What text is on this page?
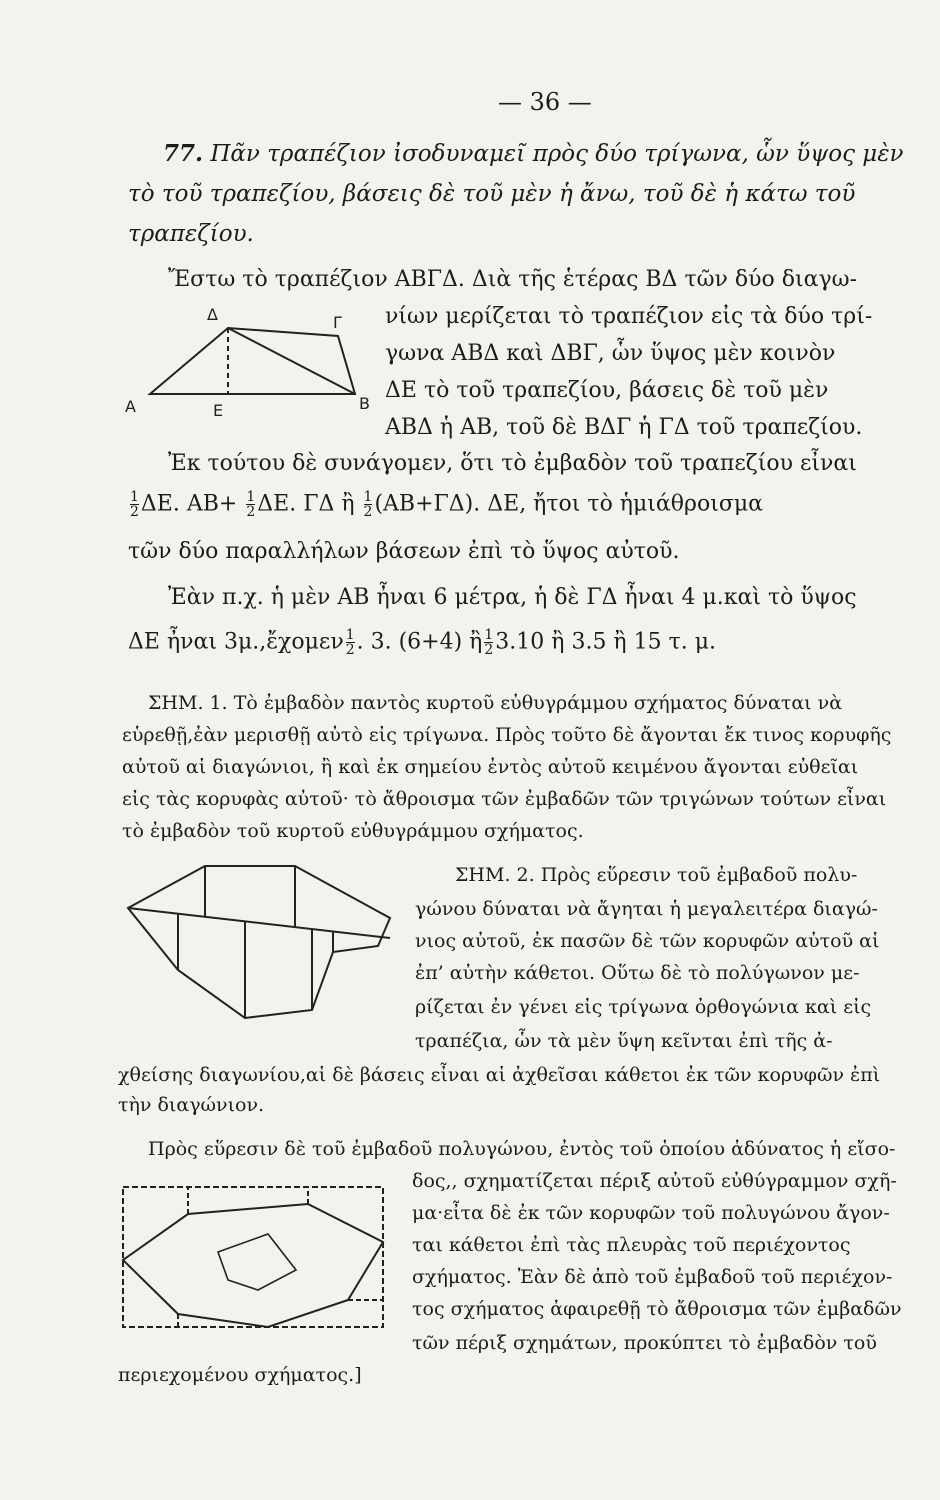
— 36 —
77. Πᾶν τραπέζιον ἰσοδυναμεῖ πρὸς δύο τρίγωνα, ὧν ὕψος μὲν
τὸ τοῦ τραπεζίου, βάσεις δὲ τοῦ μὲν ἡ ἄνω, τοῦ δὲ ἡ κάτω τοῦ
τραπεζίου.
Ἔστω τὸ τραπέζιον ΑΒΓΔ. Διὰ τῆς ἑτέρας ΒΔ τῶν δύο διαγω-
νίων μερίζεται τὸ τραπέζιον εἰς τὰ δύο τρί-
γωνα ΑΒΔ καὶ ΔΒΓ, ὧν ὕψος μὲν κοινὸν
ΔΕ τὸ τοῦ τραπεζίου, βάσεις δὲ τοῦ μὲν
ΑΒΔ ἡ ΑΒ, τοῦ δὲ ΒΔΓ ἡ ΓΔ τοῦ τραπεζίου.
Δ	Γ
Α	Ε	Β
Ἐκ τούτου δὲ συνάγομεν, ὅτι τὸ ἐμβαδὸν τοῦ τραπεζίου εἶναι
$\frac{1}{2} \Delta E$. $AB+ \frac{1}{2} \Delta E$. ΓΔ ἢ $\frac{1}{2} (AB+\Gamma\Delta)$. ΔΕ, ἤτοι τὸ ἡμιάθροισμα
τῶν δύο παραλλήλων βάσεων ἐπὶ τὸ ὕψος αὐτοῦ.
Ἐὰν π.χ. ἡ μὲν ΑΒ ἦναι 6 μέτρα, ἡ δὲ ΓΔ ἦναι 4 μ.καὶ τὸ ὕψος
ΔΕ ἦναι 3μ.,ἔχομεν $\frac{1}{2}$ . 3. (6+4) ἢ $\frac{1}{2} 3.10$ ἢ 3.5 ἢ 15 τ. μ.
ΣΗΜ. 1. Τὸ ἐμβαδὸν παντὸς κυρτοῦ εὐθυγράμμου σχήματος δύναται νὰ
εὑρεθῇ,ἐὰν μερισθῇ αὐτὸ εἰς τρίγωνα. Πρὸς τοῦτο δὲ ἄγονται ἔκ τινος κορυφῆς
αὐτοῦ αἱ διαγώνιοι, ἢ καὶ ἐκ σημείου ἐντὸς αὐτοῦ κειμένου ἄγονται εὐθεῖαι
εἰς τὰς κορυφὰς αὐτοῦ· τὸ ἄθροισμα τῶν ἐμβαδῶν τῶν τριγώνων τούτων εἶναι
τὸ ἐμβαδὸν τοῦ κυρτοῦ εὐθυγράμμου σχήματος.
ΣΗΜ. 2. Πρὸς εὕρεσιν τοῦ ἐμβαδοῦ πολυ-
γώνου δύναται νὰ ἄγηται ἡ μεγαλειτέρα διαγώ-
νιος αὐτοῦ, ἐκ πασῶν δὲ τῶν κορυφῶν αὐτοῦ αἱ
ἐπ’ αὐτὴν κάθετοι. Οὕτω δὲ τὸ πολύγωνον με-
ρίζεται ἐν γένει εἰς τρίγωνα ὀρθογώνια καὶ εἰς
τραπέζια, ὧν τὰ μὲν ὕψη κεῖνται ἐπὶ τῆς ἀ-
χθείσης διαγωνίου,αἱ δὲ βάσεις εἶναι αἱ ἀχθεῖσαι κάθετοι ἐκ τῶν κορυφῶν ἐπὶ
τὴν διαγώνιον.
Πρὸς εὕρεσιν δὲ τοῦ ἐμβαδοῦ πολυγώνου, ἐντὸς τοῦ ὁποίου ἀδύνατος ἡ εἴσο-
δος,, σχηματίζεται πέριξ αὐτοῦ εὐθύγραμμον σχῆ-
μα·εἶτα δὲ ἐκ τῶν κορυφῶν τοῦ πολυγώνου ἄγον-
ται κάθετοι ἐπὶ τὰς πλευρὰς τοῦ περιέχοντος
σχήματος. Ἐὰν δὲ ἀπὸ τοῦ ἐμβαδοῦ τοῦ περιέχον-
τος σχήματος ἀφαιρεθῇ τὸ ἄθροισμα τῶν ἐμβαδῶν
τῶν πέριξ σχημάτων, προκύπτει τὸ ἐμβαδὸν τοῦ
περιεχομένου σχήματος.]
